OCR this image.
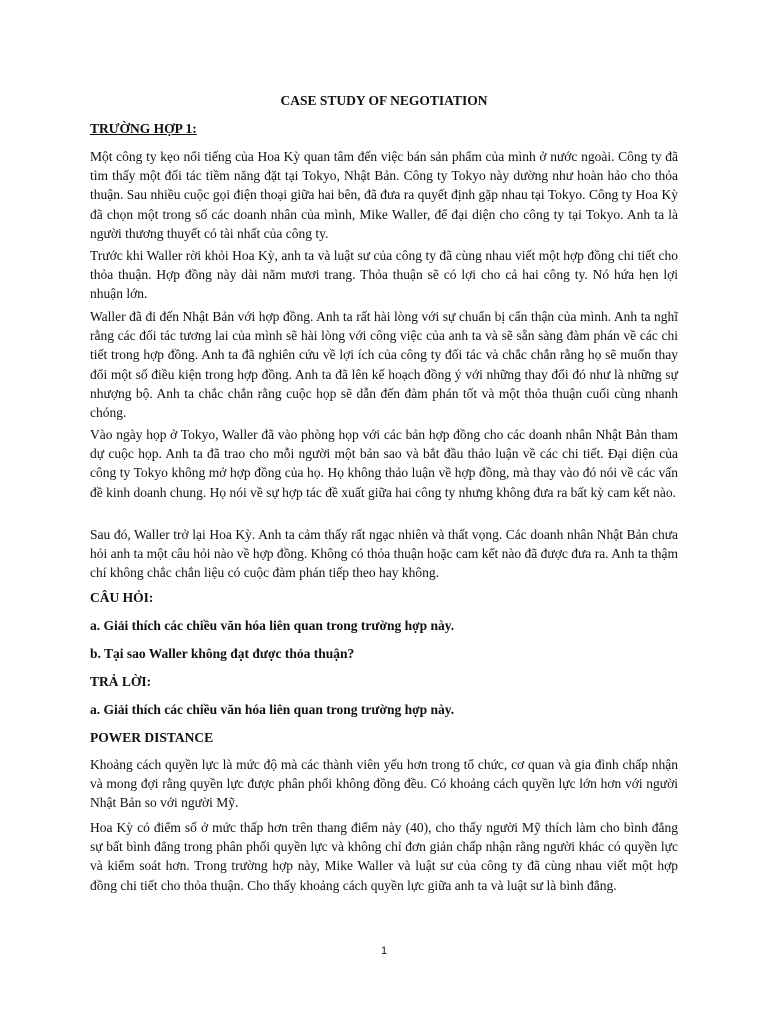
CASE STUDY OF NEGOTIATION
TRƯỜNG HỢP 1:
Một công ty kẹo nổi tiếng của Hoa Kỳ quan tâm đến việc bán sản phẩm của mình ở nước ngoài. Công ty đã tìm thấy một đối tác tiềm năng đặt tại Tokyo, Nhật Bản. Công ty Tokyo này dường như hoàn hảo cho thỏa thuận. Sau nhiều cuộc gọi điện thoại giữa hai bên, đã đưa ra quyết định gặp nhau tại Tokyo. Công ty Hoa Kỳ đã chọn một trong số các doanh nhân của mình, Mike Waller, để đại diện cho công ty tại Tokyo. Anh ta là người thương thuyết có tài nhất của công ty.
Trước khi Waller rời khỏi Hoa Kỳ, anh ta và luật sư của công ty đã cùng nhau viết một hợp đồng chi tiết cho thỏa thuận. Hợp đồng này dài năm mươi trang. Thỏa thuận sẽ có lợi cho cả hai công ty. Nó hứa hẹn lợi nhuận lớn.
Waller đã đi đến Nhật Bản với hợp đồng. Anh ta rất hài lòng với sự chuẩn bị cẩn thận của mình. Anh ta nghĩ rằng các đối tác tương lai của mình sẽ hài lòng với công việc của anh ta và sẽ sẵn sàng đàm phán về các chi tiết trong hợp đồng. Anh ta đã nghiên cứu về lợi ích của công ty đối tác và chắc chắn rằng họ sẽ muốn thay đổi một số điều kiện trong hợp đồng. Anh ta đã lên kế hoạch đồng ý với những thay đổi đó như là những sự nhượng bộ. Anh ta chắc chắn rằng cuộc họp sẽ dẫn đến đàm phán tốt và một thỏa thuận cuối cùng nhanh chóng.
Vào ngày họp ở Tokyo, Waller đã vào phòng họp với các bản hợp đồng cho các doanh nhân Nhật Bản tham dự cuộc họp. Anh ta đã trao cho mỗi người một bản sao và bắt đầu thảo luận về các chi tiết. Đại diện của công ty Tokyo không mở hợp đồng của họ. Họ không thảo luận về hợp đồng, mà thay vào đó nói về các vấn đề kinh doanh chung. Họ nói về sự hợp tác đề xuất giữa hai công ty nhưng không đưa ra bất kỳ cam kết nào.
Sau đó, Waller trở lại Hoa Kỳ. Anh ta cảm thấy rất ngạc nhiên và thất vọng. Các doanh nhân Nhật Bản chưa hỏi anh ta một câu hỏi nào về hợp đồng. Không có thỏa thuận hoặc cam kết nào đã được đưa ra. Anh ta thậm chí không chắc chắn liệu có cuộc đàm phán tiếp theo hay không.
CÂU HỎI:
a. Giải thích các chiều văn hóa liên quan trong trường hợp này.
b. Tại sao Waller không đạt được thỏa thuận?
TRẢ LỜI:
a. Giải thích các chiều văn hóa liên quan trong trường hợp này.
POWER DISTANCE
Khoảng cách quyền lực là mức độ mà các thành viên yếu hơn trong tổ chức, cơ quan và gia đình chấp nhận và mong đợi rằng quyền lực được phân phối không đồng đều. Có khoảng cách quyền lực lớn hơn với người Nhật Bản so với người Mỹ.
Hoa Kỳ có điểm số ở mức thấp hơn trên thang điểm này (40), cho thấy người Mỹ thích làm cho bình đẳng sự bất bình đẳng trong phân phối quyền lực và không chỉ đơn giản chấp nhận rằng người khác có quyền lực và kiểm soát hơn. Trong trường hợp này, Mike Waller và luật sư của công ty đã cùng nhau viết một hợp đồng chi tiết cho thỏa thuận. Cho thấy khoảng cách quyền lực giữa anh ta và luật sư là bình đẳng.
1
